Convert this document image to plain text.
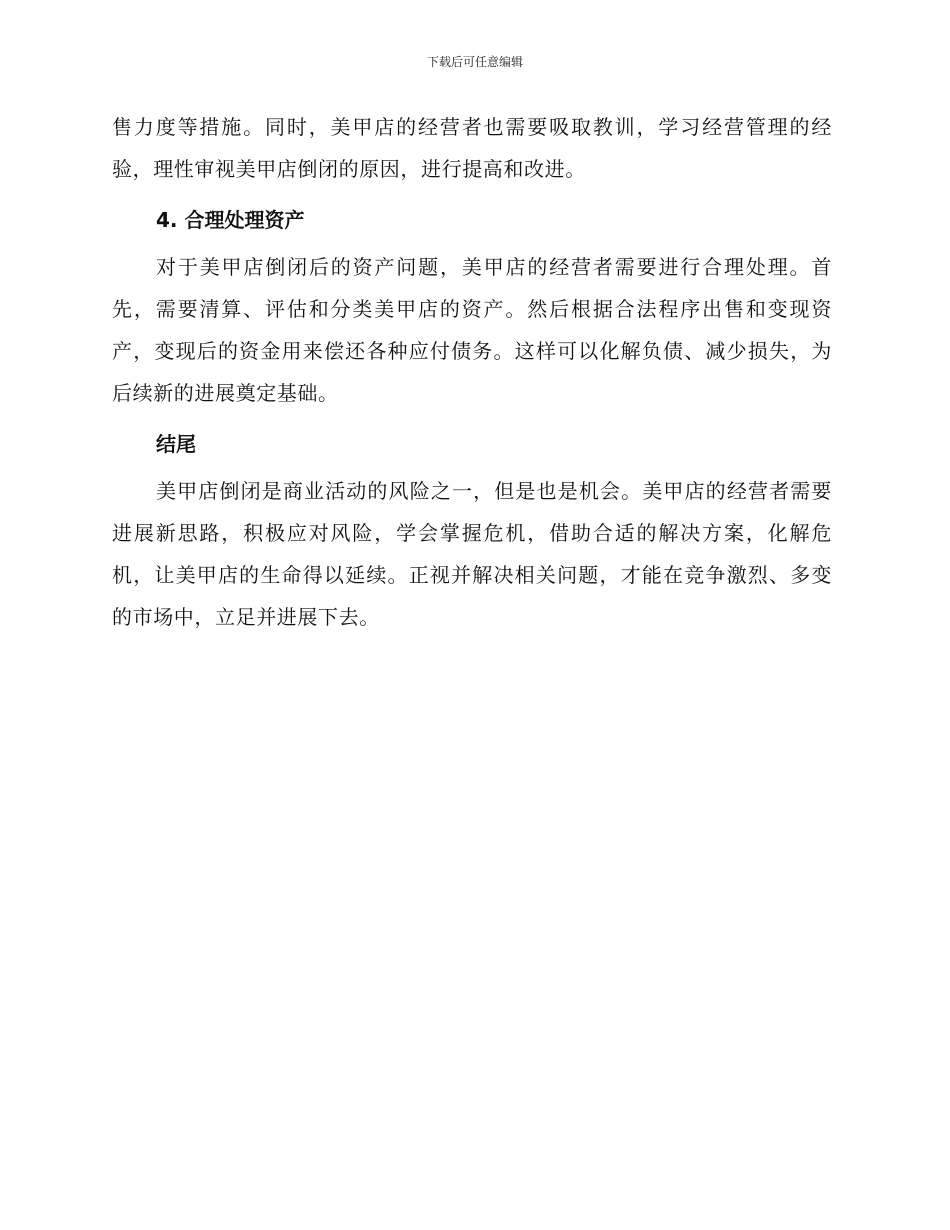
下载后可任意编辑

售力度等措施。同时，美甲店的经营者也需要吸取教训，学习经营管理的经验，理性审视美甲店倒闭的原因，进行提高和改进。

4. 合理处理资产

对于美甲店倒闭后的资产问题，美甲店的经营者需要进行合理处理。首先，需要清算、评估和分类美甲店的资产。然后根据合法程序出售和变现资产，变现后的资金用来偿还各种应付债务。这样可以化解负债、减少损失，为后续新的进展奠定基础。

结尾

美甲店倒闭是商业活动的风险之一，但是也是机会。美甲店的经营者需要进展新思路，积极应对风险，学会掌握危机，借助合适的解决方案，化解危机，让美甲店的生命得以延续。正视并解决相关问题，才能在竞争激烈、多变的市场中，立足并进展下去。
